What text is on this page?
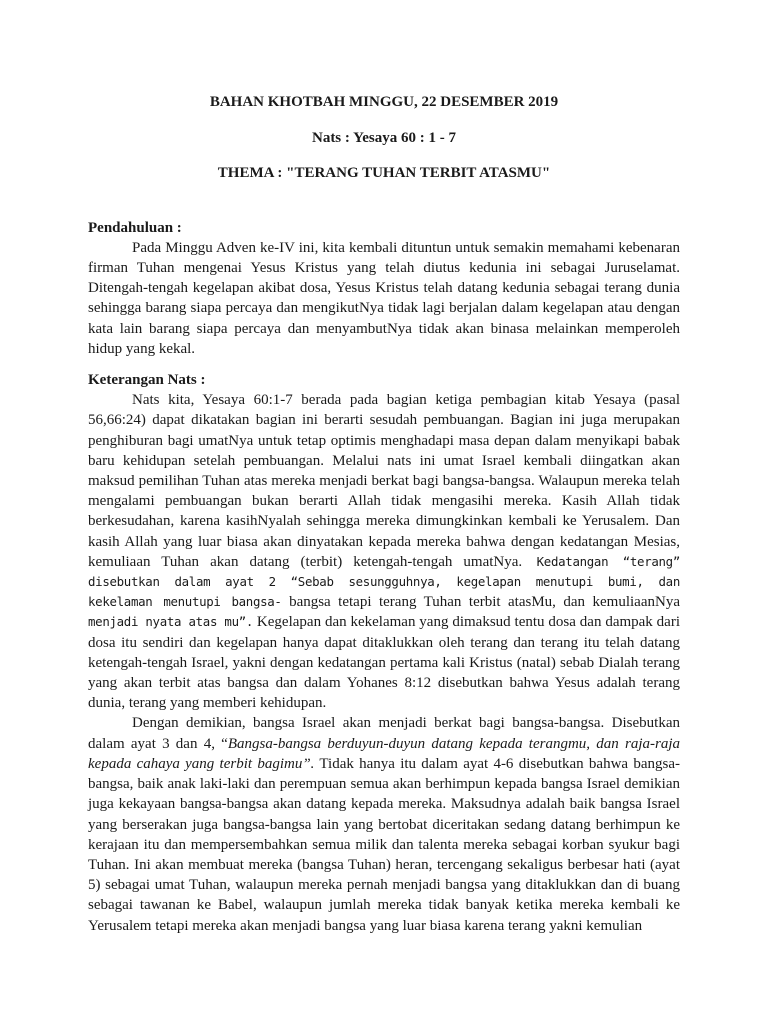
BAHAN KHOTBAH MINGGU, 22 DESEMBER 2019

Nats : Yesaya 60 : 1 - 7

THEMA : "TERANG TUHAN TERBIT ATASMU"

Pendahuluan :

Pada Minggu Adven ke-IV ini, kita kembali dituntun untuk semakin memahami kebenaran firman Tuhan mengenai Yesus Kristus yang telah diutus kedunia ini sebagai Juruselamat. Ditengah-tengah kegelapan akibat dosa, Yesus Kristus telah datang kedunia sebagai terang dunia sehingga barang siapa percaya dan mengikutNya tidak lagi berjalan dalam kegelapan atau dengan kata lain barang siapa percaya dan menyambutNya tidak akan binasa melainkan memperoleh hidup yang kekal.

Keterangan Nats :

Nats kita, Yesaya 60:1-7 berada pada bagian ketiga pembagian kitab Yesaya (pasal 56,66:24) dapat dikatakan bagian ini berarti sesudah pembuangan. Bagian ini juga merupakan penghiburan bagi umatNya untuk tetap optimis menghadapi masa depan dalam menyikapi babak baru kehidupan setelah pembuangan. Melalui nats ini umat Israel kembali diingatkan akan maksud pemilihan Tuhan atas mereka menjadi berkat bagi bangsa-bangsa. Walaupun mereka telah mengalami pembuangan bukan berarti Allah tidak mengasihi mereka. Kasih Allah tidak berkesudahan, karena kasihNyalah sehingga mereka dimungkinkan kembali ke Yerusalem. Dan kasih Allah yang luar biasa akan dinyatakan kepada mereka bahwa dengan kedatangan Mesias, kemuliaan Tuhan akan datang (terbit) ketengah-tengah umatNya. Kedatangan “terang” disebutkan dalam ayat 2 “Sebab sesungguhnya, kegelapan menutupi bumi, dan kekelaman menutupi bangsa- bangsa tetapi terang Tuhan terbit atasMu, dan kemuliaanNya menjadi nyata atas mu”. Kegelapan dan kekelaman yang dimaksud tentu dosa dan dampak dari dosa itu sendiri dan kegelapan hanya dapat ditaklukkan oleh terang dan terang itu telah datang ketengah-tengah Israel, yakni dengan kedatangan pertama kali Kristus (natal) sebab Dialah terang yang akan terbit atas bangsa dan dalam Yohanes 8:12 disebutkan bahwa Yesus adalah terang dunia, terang yang memberi kehidupan.

Dengan demikian, bangsa Israel akan menjadi berkat bagi bangsa-bangsa. Disebutkan dalam ayat 3 dan 4, “Bangsa-bangsa berduyun-duyun datang kepada terangmu, dan raja-raja kepada cahaya yang terbit bagimu”. Tidak hanya itu dalam ayat 4-6 disebutkan bahwa bangsa-bangsa, baik anak laki-laki dan perempuan semua akan berhimpun kepada bangsa Israel demikian juga kekayaan bangsa-bangsa akan datang kepada mereka. Maksudnya adalah baik bangsa Israel yang berserakan juga bangsa-bangsa lain yang bertobat diceritakan sedang datang berhimpun ke kerajaan itu dan mempersembahkan semua milik dan talenta mereka sebagai korban syukur bagi Tuhan. Ini akan membuat mereka (bangsa Tuhan) heran, tercengang sekaligus berbesar hati (ayat 5) sebagai umat Tuhan, walaupun mereka pernah menjadi bangsa yang ditaklukkan dan di buang sebagai tawanan ke Babel, walaupun jumlah mereka tidak banyak ketika mereka kembali ke Yerusalem tetapi mereka akan menjadi bangsa yang luar biasa karena terang yakni kemulian
